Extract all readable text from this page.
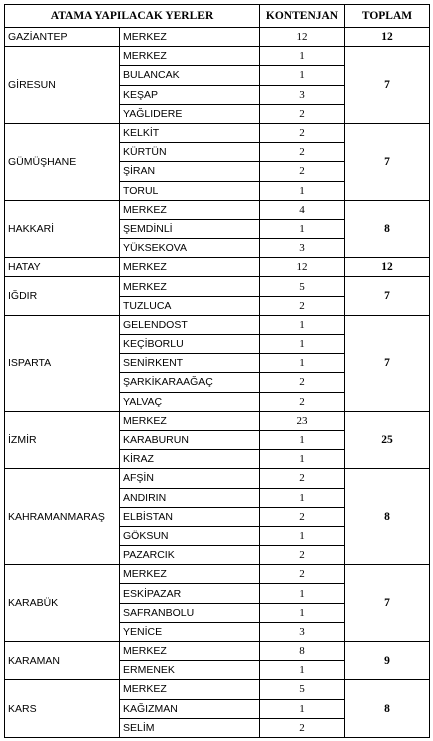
ATAMA YAPILACAK YERLER		KONTENJAN	TOPLAM
GAZİANTEP	MERKEZ	12	12
GİRESUN	MERKEZ	1	7
	BULANCAK	1	
	KEŞAP	3	
	YAĞLIDERE	2	
GÜMÜŞHANE	KELKİT	2	7
	KÜRTÜN	2	
	ŞİRAN	2	
	TORUL	1	
HAKKARİ	MERKEZ	4	8
	ŞEMDİNLİ	1	
	YÜKSEKOVA	3	
HATAY	MERKEZ	12	12
IĞDIR	MERKEZ	5	7
	TUZLUCA	2	
ISPARTA	GELENDOST	1	7
	KEÇİBORLU	1	
	SENİRKENT	1	
	ŞARKİKARAAĞAÇ	2	
	YALVAÇ	2	
İZMİR	MERKEZ	23	25
	KARABURUN	1	
	KİRAZ	1	
KAHRAMANMARAŞ	AFŞİN	2	8
	ANDIRIN	1	
	ELBİSTAN	2	
	GÖKSUN	1	
	PAZARCIK	2	
KARABÜK	MERKEZ	2	7
	ESKİPAZAR	1	
	SAFRANBOLU	1	
	YENİCE	3	
KARAMAN	MERKEZ	8	9
	ERMENEK	1	
KARS	MERKEZ	5	8
	KAĞIZMAN	1	
	SELİM	2	
